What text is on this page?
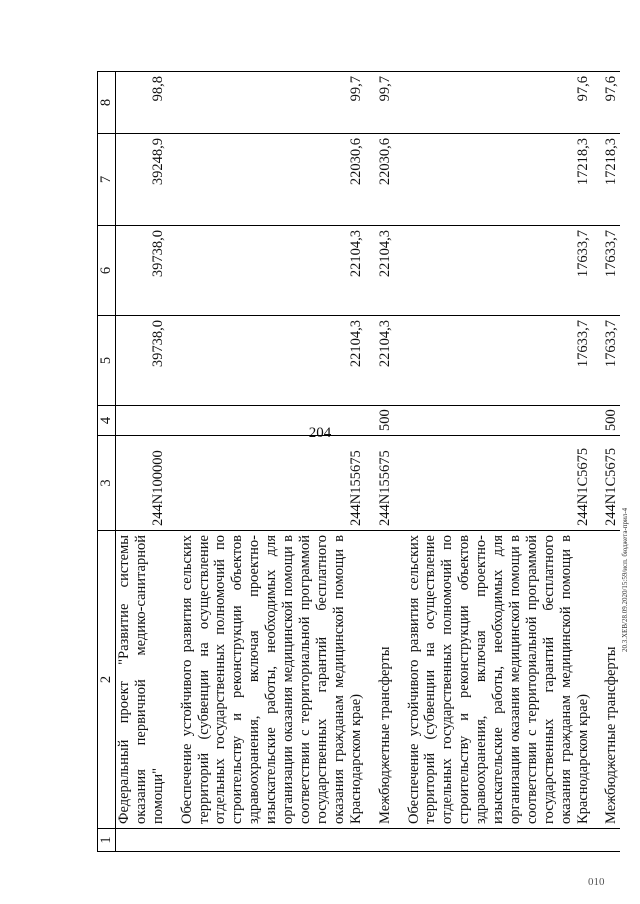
204
010
20.3.ХЕВ/28.09.2020/15:59/исп. бюджета-прил-4
1	2	3	4	5	6	7	8
	Федеральный проект "Развитие системы оказания первичной медико-санитарной помощи"	244N100000		39738,0	39738,0	39248,9	98,8

	Обеспечение устойчивого развития сельских территорий (субвенции на осуществление отдельных государственных полномочий по строительству и реконструкции объектов здравоохранения, включая проектно-изыскательские работы, необходимых для организации оказания медицинской помощи в соответствии с территориальной программой государственных гарантий бесплатного оказания гражданам медицинской помощи в Краснодарском крае)	244N155675		22104,3	22104,3	22030,6	99,7

	Межбюджетные трансферты	244N155675	500	22104,3	22104,3	22030,6	99,7

	Обеспечение устойчивого развития сельских территорий (субвенции на осуществление отдельных государственных полномочий по строительству и реконструкции объектов здравоохранения, включая проектно-изыскательские работы, необходимых для организации оказания медицинской помощи в соответствии с территориальной программой государственных гарантий бесплатного оказания гражданам медицинской помощи в Краснодарском крае)	244N1C5675		17633,7	17633,7	17218,3	97,6

	Межбюджетные трансферты	244N1C5675	500	17633,7	17633,7	17218,3	97,6
